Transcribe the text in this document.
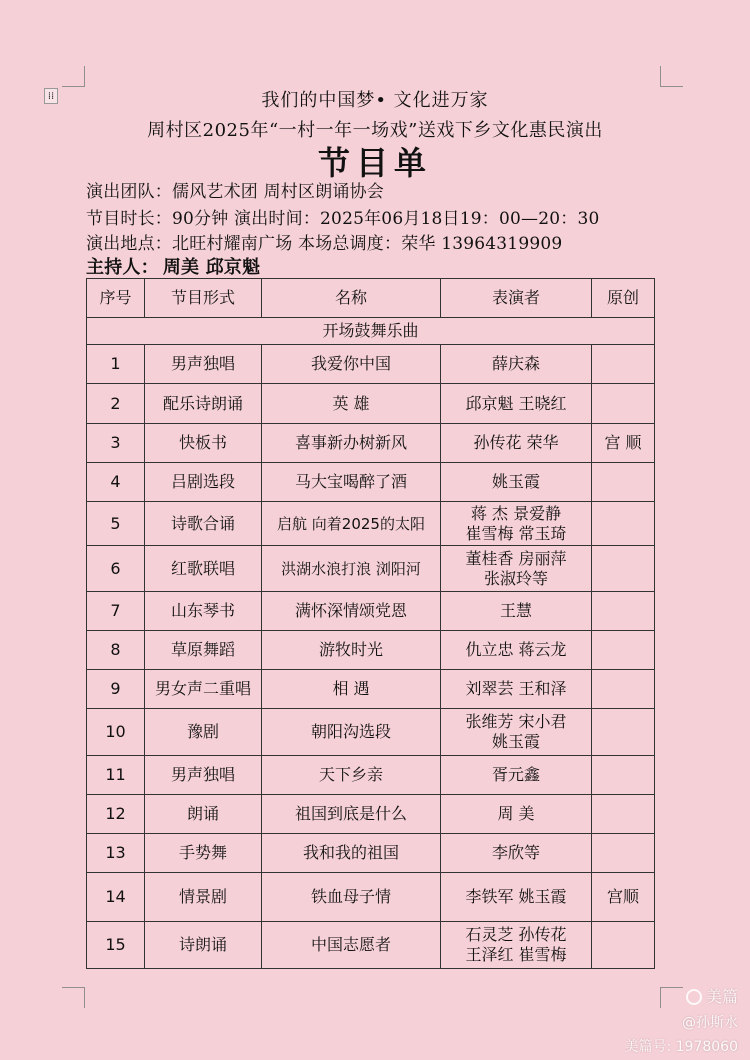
⁞⁞	我们的中国梦• 文化进万家
周村区2025年“一村一年一场戏”送戏下乡文化惠民演出
节目单
演出团队：儒风艺术团 周村区朗诵协会
节目时长：90分钟 演出时间：2025年06月18日19：00—20：30
演出地点：北旺村耀南广场 本场总调度：荣华 13964319909
主持人： 周美 邱京魁
序号	节目形式	名称	表演者	原创
开场鼓舞乐曲				
1	男声独唱	我爱你中国	薛庆森	

2	配乐诗朗诵	英 雄	邱京魁 王晓红	

3	快板书	喜事新办树新风	孙传花 荣华	宫 顺
4	吕剧选段	马大宝喝醉了酒	姚玉霞	

5	诗歌合诵	启航 向着2025的太阳	蒋 杰 景爱静
崔雪梅 常玉琦	

6	红歌联唱	洪湖水浪打浪 浏阳河	董桂香 房丽萍
张淑玲等	

7	山东琴书	满怀深情颂党恩	王慧	

8	草原舞蹈	游牧时光	仇立忠 蒋云龙	

9	男女声二重唱	相 遇	刘翠芸 王和泽	

10	豫剧	朝阳沟选段	张维芳 宋小君
姚玉霞	

11	男声独唱	天下乡亲	胥元鑫	

12	朗诵	祖国到底是什么	周 美	

13	手势舞	我和我的祖国	李欣等	

14	情景剧	铁血母子情	李铁军 姚玉霞	宫顺
15	诗朗诵	中国志愿者	石灵芝 孙传花
王泽红 崔雪梅	

美篇
@孙斯水
美篇号: 1978060
